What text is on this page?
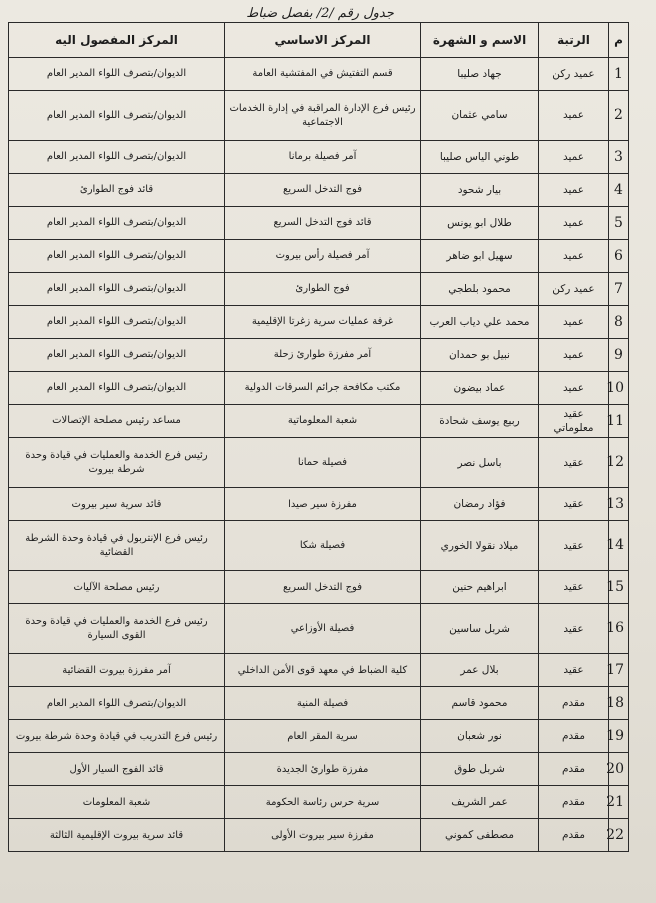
جدول رقم /2/ بفصل ضباط
م	الرتبة	الاسم و الشهرة	المركز الاساسي	المركز المفصول اليه
1	عميد ركن	جهاد صليبا	قسم التفتيش في المفتشية العامة	الديوان/بتصرف اللواء المدير العام
2	عميد	سامي عثمان	رئيس فرع الإدارة المراقبة في إدارة الخدمات الاجتماعية	الديوان/بتصرف اللواء المدير العام
3	عميد	طوني الياس صليبا	آمر فصيلة برمانا	الديوان/بتصرف اللواء المدير العام
4	عميد	بيار شحود	فوج التدخل السريع	قائد فوج الطوارئ
5	عميد	طلال ابو يونس	قائد فوج التدخل السريع	الديوان/بتصرف اللواء المدير العام
6	عميد	سهيل ابو ضاهر	آمر فصيلة رأس بيروت	الديوان/بتصرف اللواء المدير العام
7	عميد ركن	محمود بلطجي	فوج الطوارئ	الديوان/بتصرف اللواء المدير العام
8	عميد	محمد علي دياب العرب	غرفة عمليات سرية زغرتا الإقليمية	الديوان/بتصرف اللواء المدير العام
9	عميد	نبيل بو حمدان	آمر مفرزة طوارئ زحلة	الديوان/بتصرف اللواء المدير العام
10	عميد	عماد بيضون	مكتب مكافحة جرائم السرقات الدولية	الديوان/بتصرف اللواء المدير العام
11	عقيد معلوماتي	ربيع يوسف شحادة	شعبة المعلوماتية	مساعد رئيس مصلحة الإتصالات
12	عقيد	باسل نصر	فصيلة حمانا	رئيس فرع الخدمة والعمليات في قيادة وحدة شرطة بيروت
13	عقيد	فؤاد رمضان	مفرزة سير صيدا	قائد سرية سير بيروت
14	عقيد	ميلاد نقولا الخوري	فصيلة شكا	رئيس فرع الإنتربول في قيادة وحدة الشرطة القضائية
15	عقيد	ابراهيم حنين	فوج التدخل السريع	رئيس مصلحة الآليات
16	عقيد	شربل ساسين	فصيلة الأوزاعي	رئيس فرع الخدمة والعمليات في قيادة وحدة القوى السيارة
17	عقيد	بلال عمر	كلية الضباط في معهد قوى الأمن الداخلي	آمر مفرزة بيروت القضائية
18	مقدم	محمود قاسم	فصيلة المنية	الديوان/بتصرف اللواء المدير العام
19	مقدم	نور شعبان	سرية المقر العام	رئيس فرع التدريب في قيادة وحدة شرطة بيروت
20	مقدم	شربل طوق	مفرزة طوارئ الجديدة	قائد الفوج السيار الأول
21	مقدم	عمر الشريف	سرية حرس رئاسة الحكومة	شعبة المعلومات
22	مقدم	مصطفى كموني	مفرزة سير بيروت الأولى	قائد سرية بيروت الإقليمية الثالثة
